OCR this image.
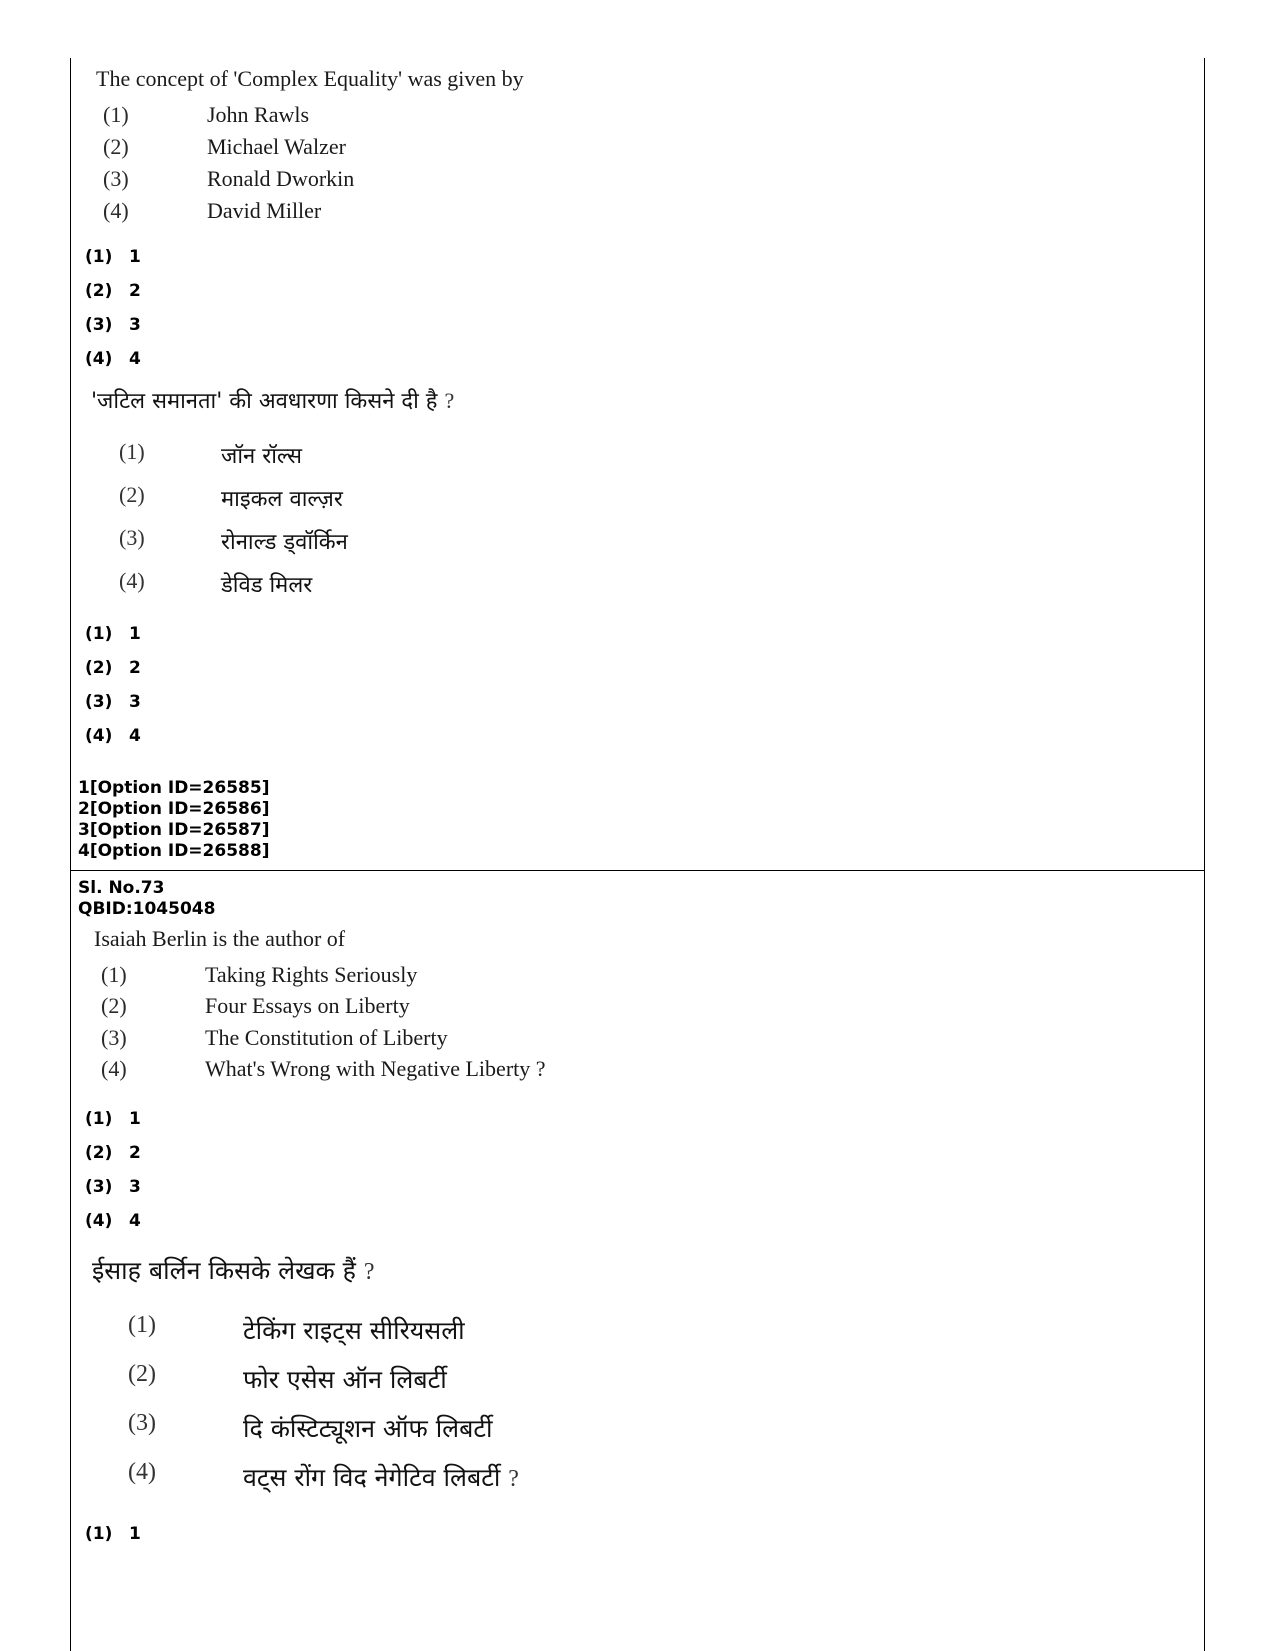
The concept of 'Complex Equality' was given by
(1)	John Rawls
(2)	Michael Walzer
(3)	Ronald Dworkin
(4)	David Miller
(1) 1
(2) 2
(3) 3
(4) 4
'जटिल समानता' की अवधारणा किसने दी है ?
(1)	जॉन रॉल्स
(2)	माइकल वाल्ज़र
(3)	रोनाल्ड ड्वॉर्किन
(4)	डेविड मिलर
(1) 1
(2) 2
(3) 3
(4) 4
1[Option ID=26585]
2[Option ID=26586]
3[Option ID=26587]
4[Option ID=26588]
Sl. No.73
QBID:1045048
Isaiah Berlin is the author of
(1)	Taking Rights Seriously
(2)	Four Essays on Liberty
(3)	The Constitution of Liberty
(4)	What's Wrong with Negative Liberty ?
(1) 1
(2) 2
(3) 3
(4) 4
ईसाह बर्लिन किसके लेखक हैं ?
(1)	टेकिंग राइट्स सीरियसली
(2)	फोर एसेस ऑन लिबर्टी
(3)	दि कंस्टिट्यूशन ऑफ लिबर्टी
(4)	वट्स रोंग विद नेगेटिव लिबर्टी ?
(1) 1
